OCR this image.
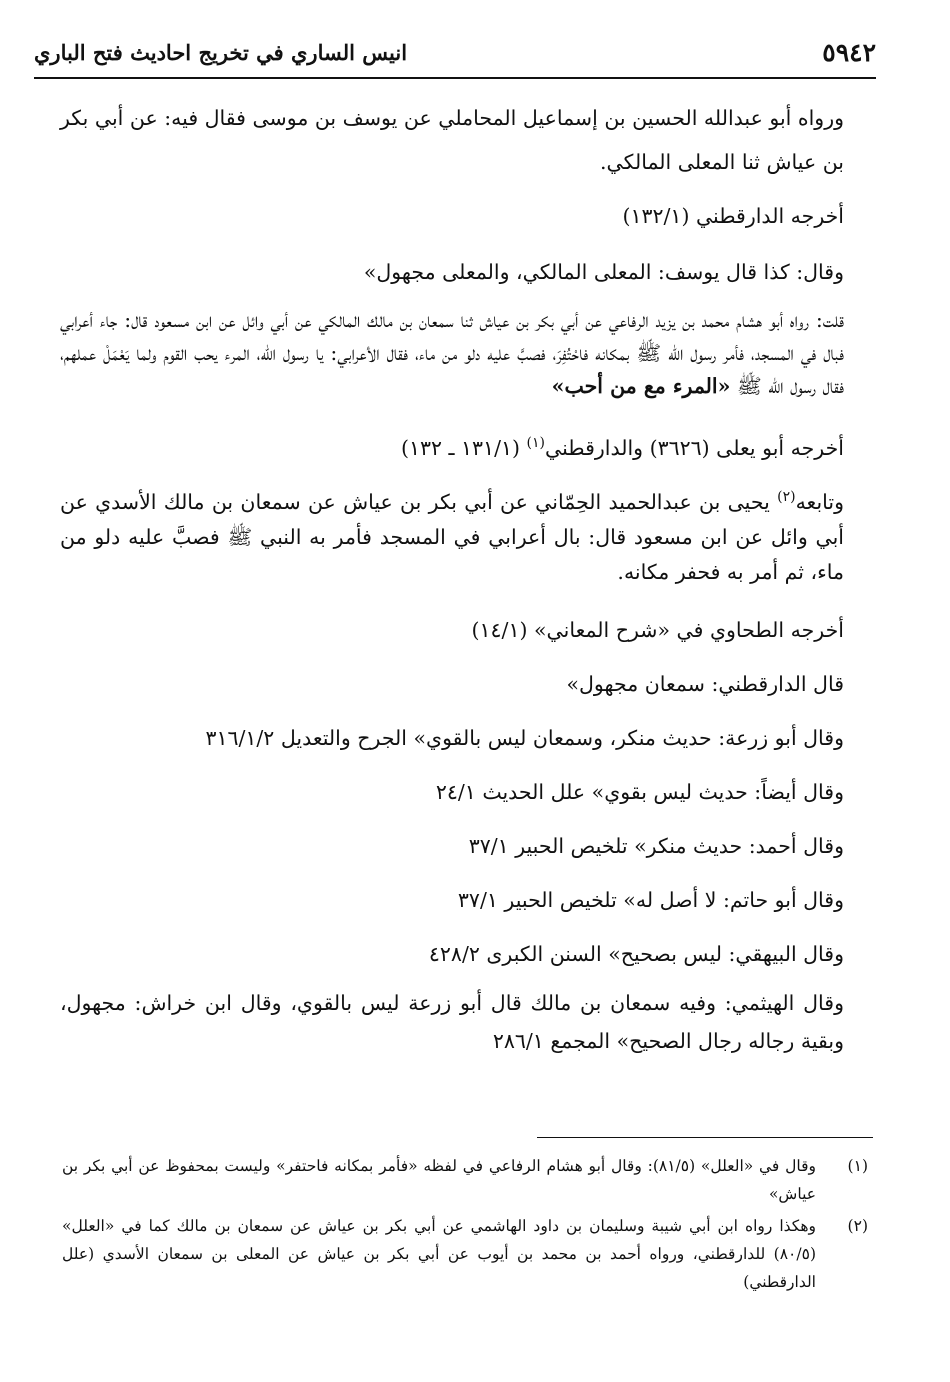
٥٩٤٢
انيس الساري في تخريج احاديث فتح الباري

ورواه أبو عبدالله الحسين بن إسماعيل المحاملي عن يوسف بن موسى فقال فيه: عن أبي بكر بن عياش ثنا المعلى المالكي.

أخرجه الدارقطني (١٣٢/١)

وقال: كذا قال يوسف: المعلى المالكي، والمعلى مجهول»

قلت: رواه أبو هشام محمد بن يزيد الرفاعي عن أبي بكر بن عياش ثنا سمعان بن مالك المالكي عن أبي وائل عن ابن مسعود قال: جاء أعرابي فبال في المسجد، فأمر رسول الله ﷺ بمكانه فاحْتُفِرَ، فصبَّ عليه دلو من ماء، فقال الأعرابي: يا رسول الله، المرء يحب القوم ولما يَعْمَلْ عملهم، فقال رسول الله ﷺ «المرء مع من أحب»

أخرجه أبو يعلى (٣٦٢٦) والدارقطني$^{(١)}$ (١٣١/١ ـ ١٣٢)

وتابعه$^{(٢)}$ يحيى بن عبدالحميد الحِمّاني عن أبي بكر بن عياش عن سمعان بن مالك الأسدي عن أبي وائل عن ابن مسعود قال: بال أعرابي في المسجد فأمر به النبي ﷺ فصبَّ عليه دلو من ماء، ثم أمر به فحفر مكانه.

أخرجه الطحاوي في «شرح المعاني» (١٤/١)

قال الدارقطني: سمعان مجهول»

وقال أبو زرعة: حديث منكر، وسمعان ليس بالقوي» الجرح والتعديل ٣١٦/١/٢

وقال أيضاً: حديث ليس بقوي» علل الحديث ٢٤/١

وقال أحمد: حديث منكر» تلخيص الحبير ٣٧/١

وقال أبو حاتم: لا أصل له» تلخيص الحبير ٣٧/١

وقال البيهقي: ليس بصحيح» السنن الكبرى ٤٢٨/٢

وقال الهيثمي: وفيه سمعان بن مالك قال أبو زرعة ليس بالقوي، وقال ابن خراش: مجهول، وبقية رجاله رجال الصحيح» المجمع ٢٨٦/١

(١)
وقال في «العلل» (٨١/٥): وقال أبو هشام الرفاعي في لفظه «فأمر بمكانه فاحتفر» وليست بمحفوظ عن أبي بكر بن عياش»
(٢)
وهكذا رواه ابن أبي شيبة وسليمان بن داود الهاشمي عن أبي بكر بن عياش عن سمعان بن مالك كما في «العلل» (٨٠/٥) للدارقطني، ورواه أحمد بن محمد بن أيوب عن أبي بكر بن عياش عن المعلى بن سمعان الأسدي (علل الدارقطني)
